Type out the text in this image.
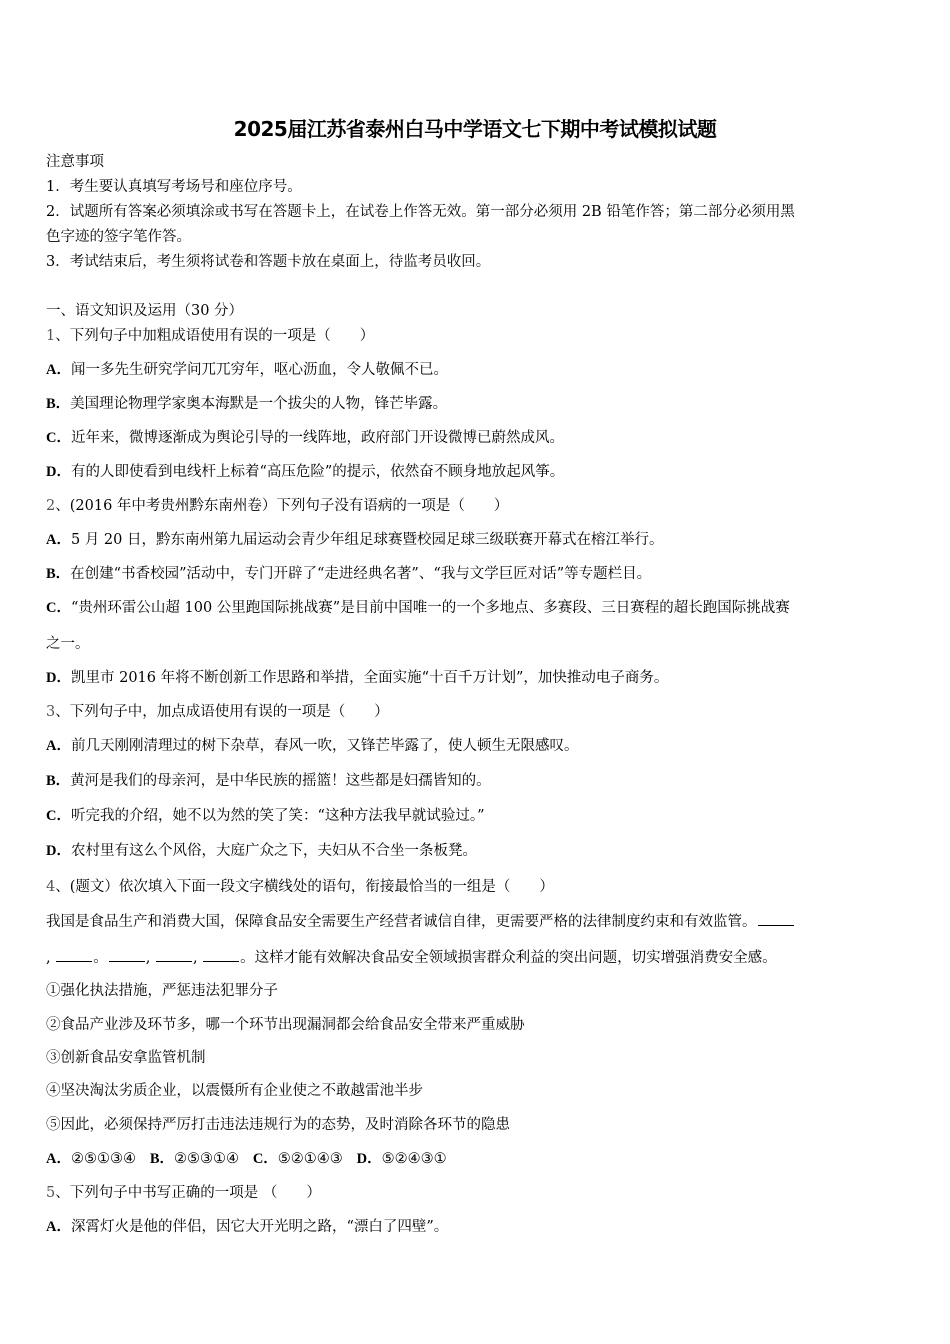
2025届江苏省泰州白马中学语文七下期中考试模拟试题
注意事项
1．考生要认真填写考场号和座位序号。
2．试题所有答案必须填涂或书写在答题卡上，在试卷上作答无效。第一部分必须用 2B 铅笔作答；第二部分必须用黑
色字迹的签字笔作答。
3．考试结束后，考生须将试卷和答题卡放在桌面上，待监考员收回。
一、语文知识及运用（30 分）
1、下列句子中加粗成语使用有误的一项是（　　）
A．闻一多先生研究学问兀兀穷年，呕心沥血，令人敬佩不已。
B．美国理论物理学家奥本海默是一个拔尖的人物，锋芒毕露。
C．近年来，微博逐渐成为舆论引导的一线阵地，政府部门开设微博已蔚然成风。
D．有的人即使看到电线杆上标着“高压危险”的提示，依然奋不顾身地放起风筝。
2、(2016 年中考贵州黔东南州卷）下列句子没有语病的一项是（　　）
A．5 月 20 日，黔东南州第九届运动会青少年组足球赛暨校园足球三级联赛开幕式在榕江举行。
B．在创建“书香校园”活动中，专门开辟了“走进经典名著”、“我与文学巨匠对话”等专题栏目。
C．“贵州环雷公山超 100 公里跑国际挑战赛”是目前中国唯一的一个多地点、多赛段、三日赛程的超长跑国际挑战赛
之一。
D．凯里市 2016 年将不断创新工作思路和举措，全面实施“十百千万计划”，加快推动电子商务。
3、下列句子中，加点成语使用有误的一项是（　　）
A．前几天刚刚清理过的树下杂草，春风一吹，又锋芒毕露了，使人顿生无限感叹。
B．黄河是我们的母亲河，是中华民族的摇篮！这些都是妇孺皆知的。
C．听完我的介绍，她不以为然的笑了笑：“这种方法我早就试验过。”
D．农村里有这么个风俗，大庭广众之下，夫妇从不合坐一条板凳。
4、(题文）依次填入下面一段文字横线处的语句，衔接最恰当的一组是（　　）
我国是食品生产和消费大国，保障食品安全需要生产经营者诚信自律，更需要严格的法律制度约束和有效监管。
,	。	,	,	。这样才能有效解决食品安全领域损害群众利益的突出问题，切实增强消费安全感。
①强化执法措施，严惩违法犯罪分子
②食品产业涉及环节多，哪一个环节出现漏洞都会给食品安全带来严重威胁
③创新食品安拿监管机制
④坚决淘汰劣质企业，以震慑所有企业使之不敢越雷池半步
⑤因此，必须保持严厉打击违法违规行为的态势，及时消除各环节的隐患
A．②⑤①③④ B．②⑤③①④ C．⑤②①④③ D．⑤②④③①
5、下列句子中书写正确的一项是 （　　）
A．深霄灯火是他的伴侣，因它大开光明之路，“漂白了四壁”。
